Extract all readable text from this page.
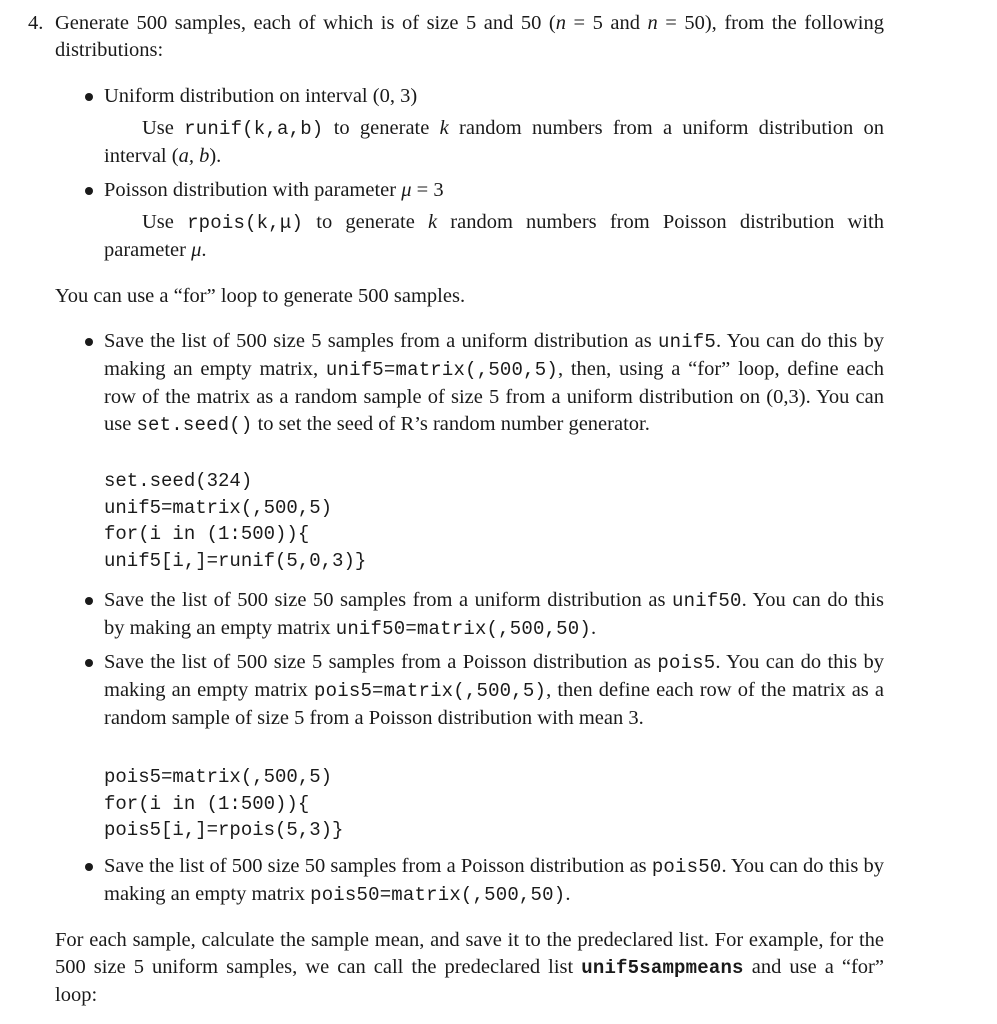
4. Generate 500 samples, each of which is of size 5 and 50 (n = 5 and n = 50), from the following distributions:

Uniform distribution on interval (0, 3)

Use runif(k,a,b) to generate k random numbers from a uniform distribution on interval (a, b).

Poisson distribution with parameter μ = 3

Use rpois(k,μ) to generate k random numbers from Poisson distribution with parameter μ.

You can use a “for” loop to generate 500 samples.

Save the list of 500 size 5 samples from a uniform distribution as unif5. You can do this by making an empty matrix, unif5=matrix(,500,5), then, using a “for” loop, define each row of the matrix as a random sample of size 5 from a uniform distribution on (0,3). You can use set.seed() to set the seed of R’s random number generator.

set.seed(324)
unif5=matrix(,500,5)
for(i in (1:500)){
unif5[i,]=runif(5,0,3)}

Save the list of 500 size 50 samples from a uniform distribution as unif50. You can do this by making an empty matrix unif50=matrix(,500,50).

Save the list of 500 size 5 samples from a Poisson distribution as pois5. You can do this by making an empty matrix pois5=matrix(,500,5), then define each row of the matrix as a random sample of size 5 from a Poisson distribution with mean 3.

pois5=matrix(,500,5)
for(i in (1:500)){
pois5[i,]=rpois(5,3)}

Save the list of 500 size 50 samples from a Poisson distribution as pois50. You can do this by making an empty matrix pois50=matrix(,500,50).

For each sample, calculate the sample mean, and save it to the predeclared list. For example, for the 500 size 5 uniform samples, we can call the predeclared list unif5sampmeans and use a “for” loop:
